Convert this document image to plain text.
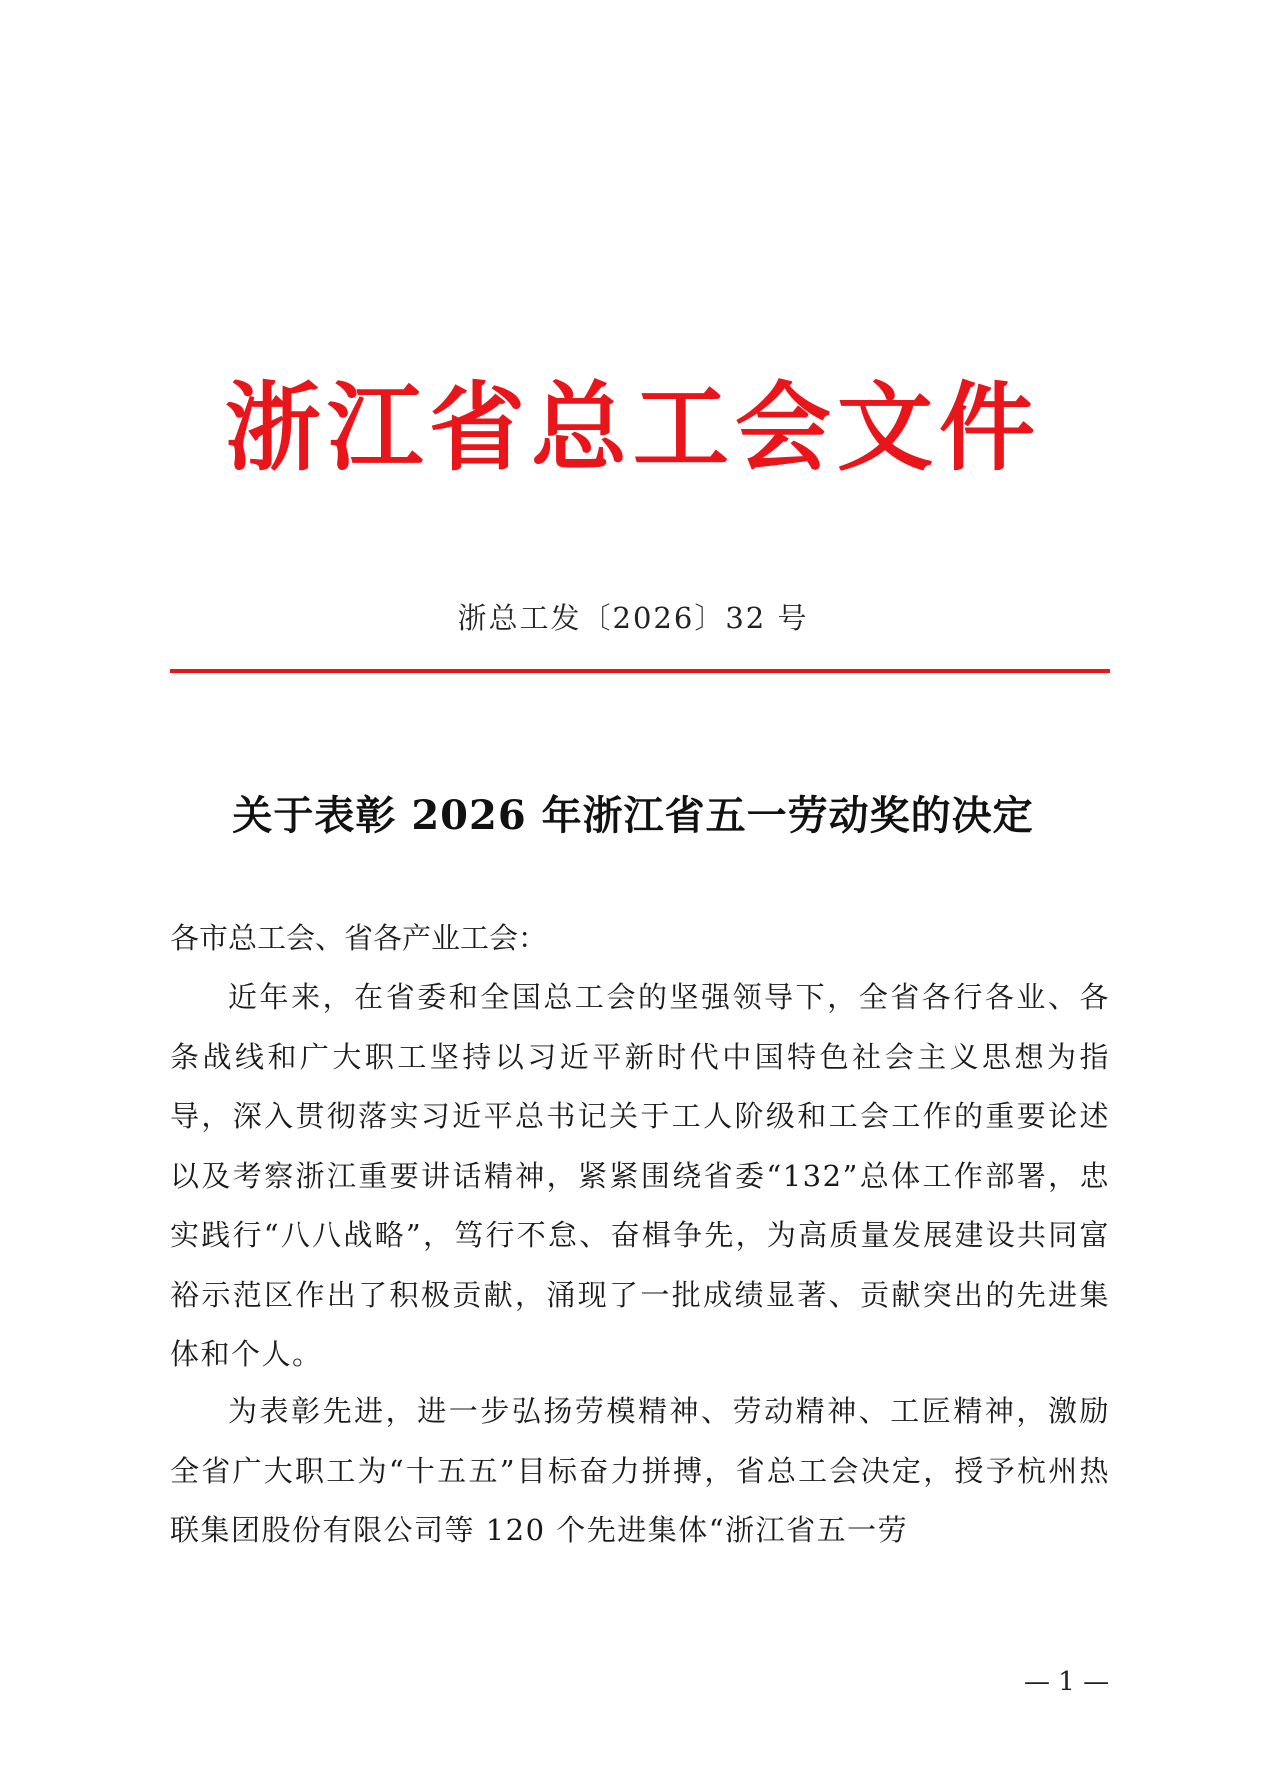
浙江省总工会文件
浙总工发〔2026〕32 号
关于表彰 2026 年浙江省五一劳动奖的决定
各市总工会、省各产业工会：

近年来，在省委和全国总工会的坚强领导下，全省各行各业、各条战线和广大职工坚持以习近平新时代中国特色社会主义思想为指导，深入贯彻落实习近平总书记关于工人阶级和工会工作的重要论述以及考察浙江重要讲话精神，紧紧围绕省委“132”总体工作部署，忠实践行“八八战略”，笃行不怠、奋楫争先，为高质量发展建设共同富裕示范区作出了积极贡献，涌现了一批成绩显著、贡献突出的先进集体和个人。

为表彰先进，进一步弘扬劳模精神、劳动精神、工匠精神，激励全省广大职工为“十五五”目标奋力拼搏，省总工会决定，授予杭州热联集团股份有限公司等 120 个先进集体“浙江省五一劳

— 1 —
